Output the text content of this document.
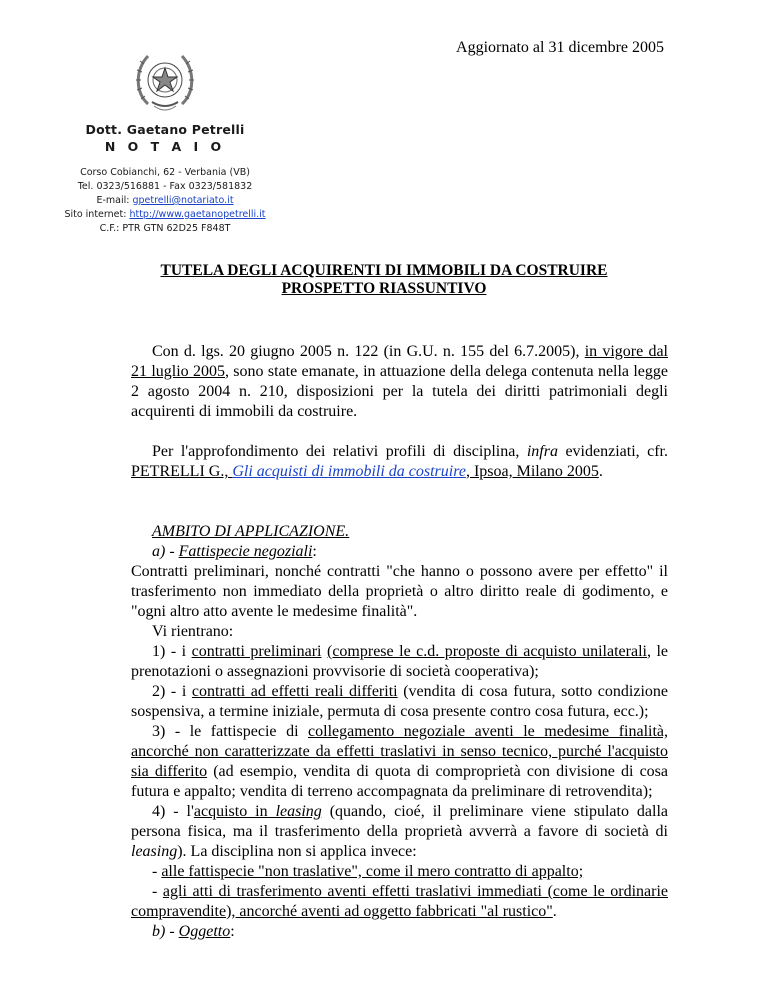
Aggiornato al 31 dicembre 2005
Dott. Gaetano Petrelli
N O T A I O
Corso Cobianchi, 62 - Verbania (VB)
Tel. 0323/516881 - Fax 0323/581832
E-mail: gpetrelli@notariato.it
Sito internet: http://www.gaetanopetrelli.it
C.F.: PTR GTN 62D25 F848T
TUTELA DEGLI ACQUIRENTI DI IMMOBILI DA COSTRUIRE
PROSPETTO RIASSUNTIVO
Con d. lgs. 20 giugno 2005 n. 122 (in G.U. n. 155 del 6.7.2005), in vigore dal 21 luglio 2005, sono state emanate, in attuazione della delega contenuta nella legge 2 agosto 2004 n. 210, disposizioni per la tutela dei diritti patrimoniali degli acquirenti di immobili da costruire.
Per l'approfondimento dei relativi profili di disciplina, infra evidenziati, cfr. PETRELLI G., Gli acquisti di immobili da costruire, Ipsoa, Milano 2005.
AMBITO DI APPLICAZIONE.
a) - Fattispecie negoziali:
Contratti preliminari, nonché contratti "che hanno o possono avere per effetto" il trasferimento non immediato della proprietà o altro diritto reale di godimento, e "ogni altro atto avente le medesime finalità".
Vi rientrano:
1) - i contratti preliminari (comprese le c.d. proposte di acquisto unilaterali, le prenotazioni o assegnazioni provvisorie di società cooperativa);
2) - i contratti ad effetti reali differiti (vendita di cosa futura, sotto condizione sospensiva, a termine iniziale, permuta di cosa presente contro cosa futura, ecc.);
3) - le fattispecie di collegamento negoziale aventi le medesime finalità, ancorché non caratterizzate da effetti traslativi in senso tecnico, purché l'acquisto sia differito (ad esempio, vendita di quota di comproprietà con divisione di cosa futura e appalto; vendita di terreno accompagnata da preliminare di retrovendita);
4) - l'acquisto in leasing (quando, cioé, il preliminare viene stipulato dalla persona fisica, ma il trasferimento della proprietà avverrà a favore di società di leasing). La disciplina non si applica invece:
- alle fattispecie "non traslative", come il mero contratto di appalto;
- agli atti di trasferimento aventi effetti traslativi immediati (come le ordinarie compravendite), ancorché aventi ad oggetto fabbricati "al rustico".
b) - Oggetto:
